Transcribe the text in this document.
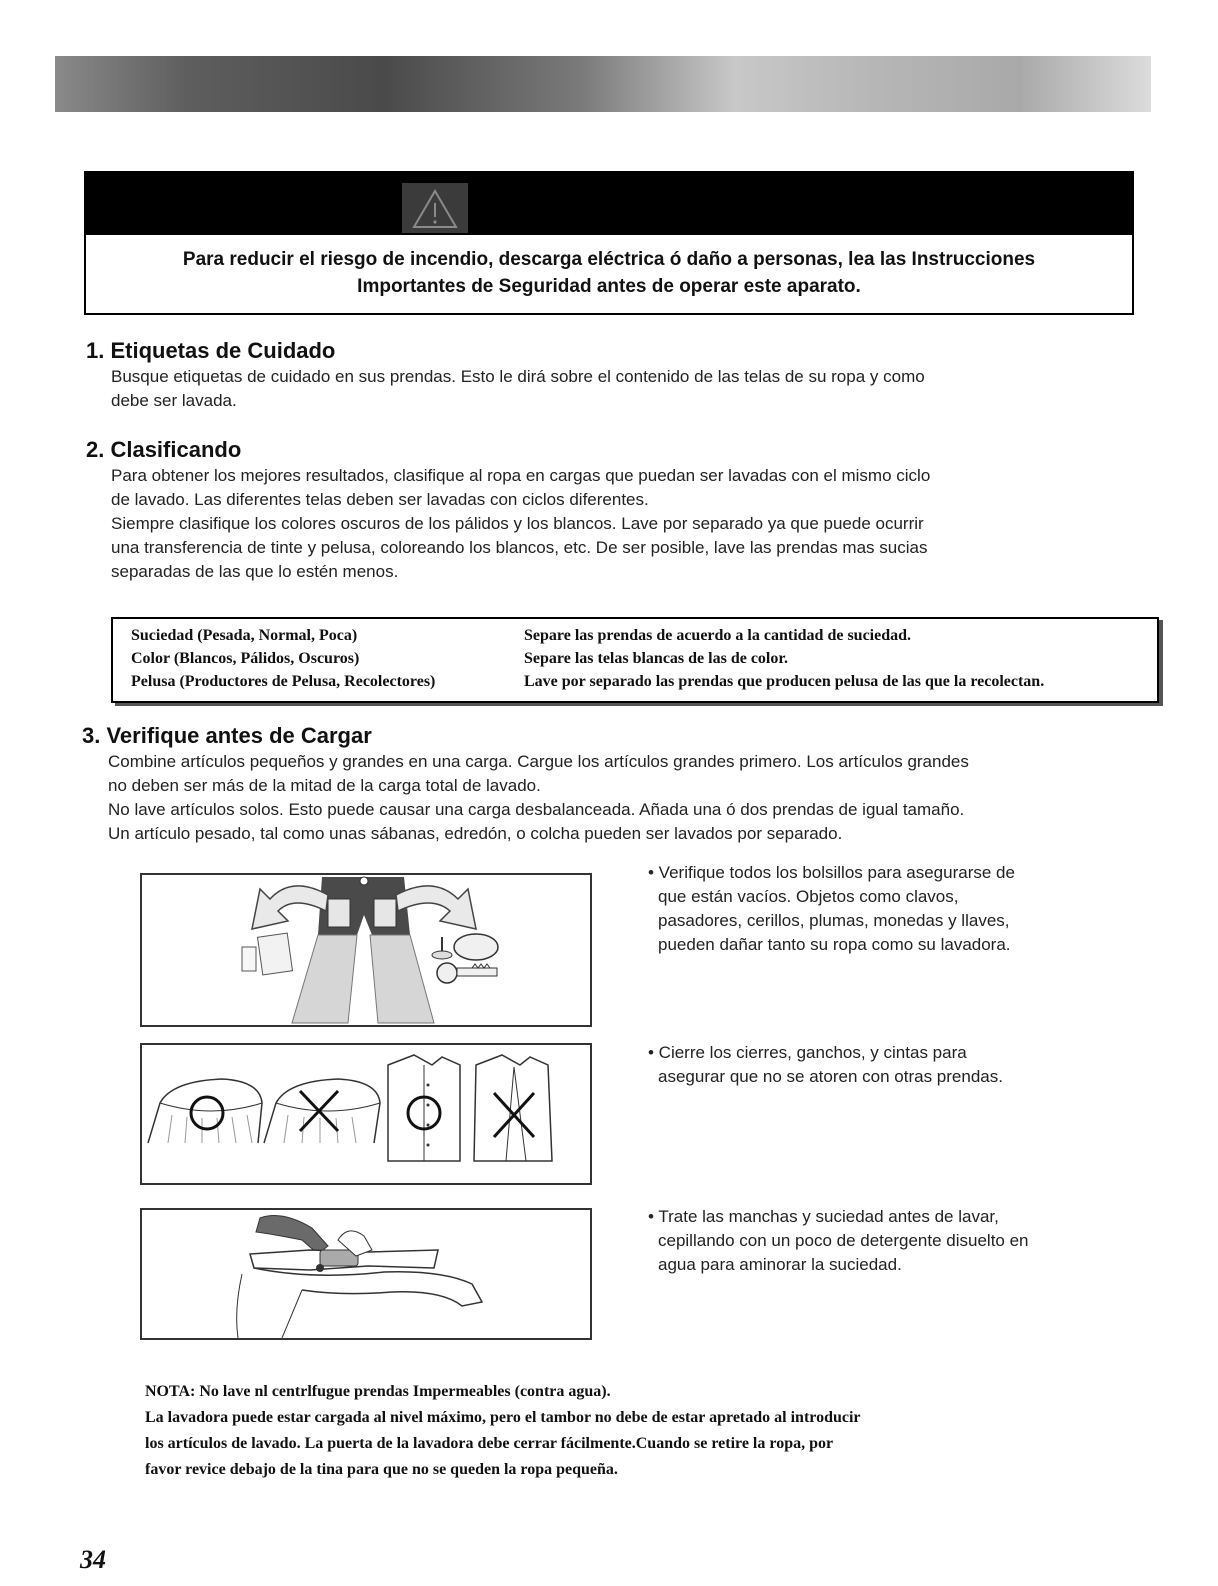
Para reducir el riesgo de incendio, descarga eléctrica ó daño a personas, lea las Instrucciones
Importantes de Seguridad antes de operar este aparato.
1. Etiquetas de Cuidado
Busque etiquetas de cuidado en sus prendas. Esto le dirá sobre el contenido de las telas de su ropa y como
debe ser lavada.
2. Clasificando
Para obtener los mejores resultados, clasifique al ropa en cargas que puedan ser lavadas con el mismo ciclo
de lavado. Las diferentes telas deben ser lavadas con ciclos diferentes.
Siempre clasifique los colores oscuros de los pálidos y los blancos. Lave por separado ya que puede ocurrir
una transferencia de tinte y pelusa, coloreando los blancos, etc. De ser posible, lave las prendas mas sucias
separadas de las que lo estén menos.
Suciedad (Pesada, Normal, Poca)	Separe las prendas de acuerdo a la cantidad de suciedad.
Color (Blancos, Pálidos, Oscuros)	Separe las telas blancas de las de color.
Pelusa (Productores de Pelusa, Recolectores)	Lave por separado las prendas que producen pelusa de las que la recolectan.
3. Verifique antes de Cargar
Combine artículos pequeños y grandes en una carga. Cargue los artículos grandes primero. Los artículos grandes
no deben ser más de la mitad de la carga total de lavado.
No lave artículos solos. Esto puede causar una carga desbalanceada. Añada una ó dos prendas de igual tamaño.
Un artículo pesado, tal como unas sábanas, edredón, o colcha pueden ser lavados por separado.
• Verifique todos los bolsillos para asegurarse de
que están vacíos. Objetos como clavos,
pasadores, cerillos, plumas, monedas y llaves,
pueden dañar tanto su ropa como su lavadora.
• Cierre los cierres, ganchos, y cintas para
asegurar que no se atoren con otras prendas.
• Trate las manchas y suciedad antes de lavar,
cepillando con un poco de detergente disuelto en
agua para aminorar la suciedad.
NOTA: No lave nl centrlfugue prendas Impermeables (contra agua).
La lavadora puede estar cargada al nivel máximo, pero el tambor no debe de estar apretado al introducir
los artículos de lavado. La puerta de la lavadora debe cerrar fácilmente.Cuando se retire la ropa, por
favor revice debajo de la tina para que no se queden la ropa pequeña.
34
